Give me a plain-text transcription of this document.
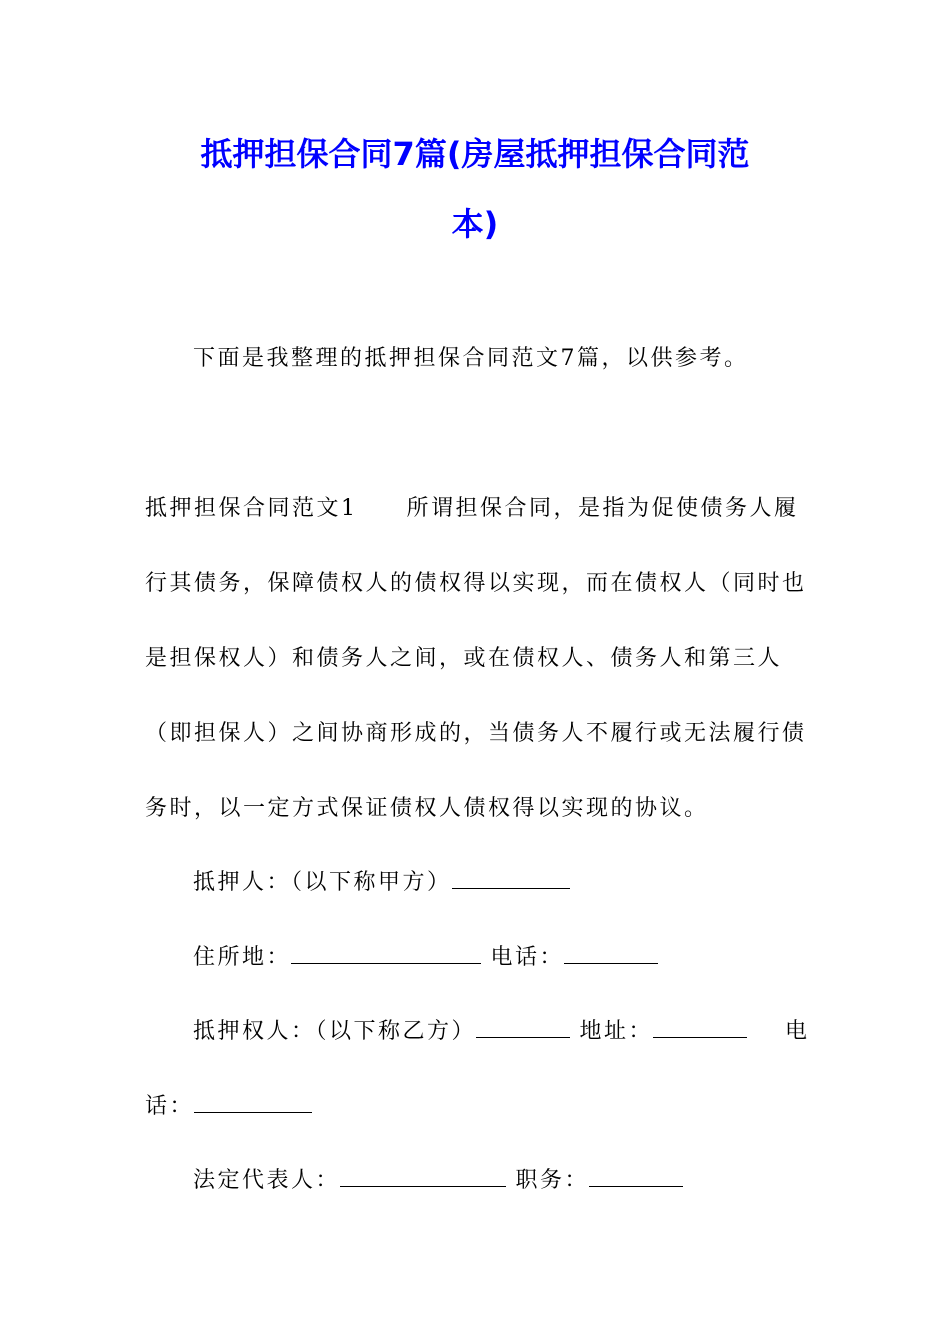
抵押担保合同7篇(房屋抵押担保合同范
本)
下面是我整理的抵押担保合同范文7篇，以供参考。
抵押担保合同范文1　　所谓担保合同，是指为促使债务人履
行其债务，保障债权人的债权得以实现，而在债权人（同时也
是担保权人）和债务人之间，或在债权人、债务人和第三人
（即担保人）之间协商形成的，当债务人不履行或无法履行债
务时，以一定方式保证债权人债权得以实现的协议。
抵押人：（以下称甲方）
住所地：	电话：
抵押权人：（以下称乙方）	地址：	电
话：
法定代表人：	职务：
